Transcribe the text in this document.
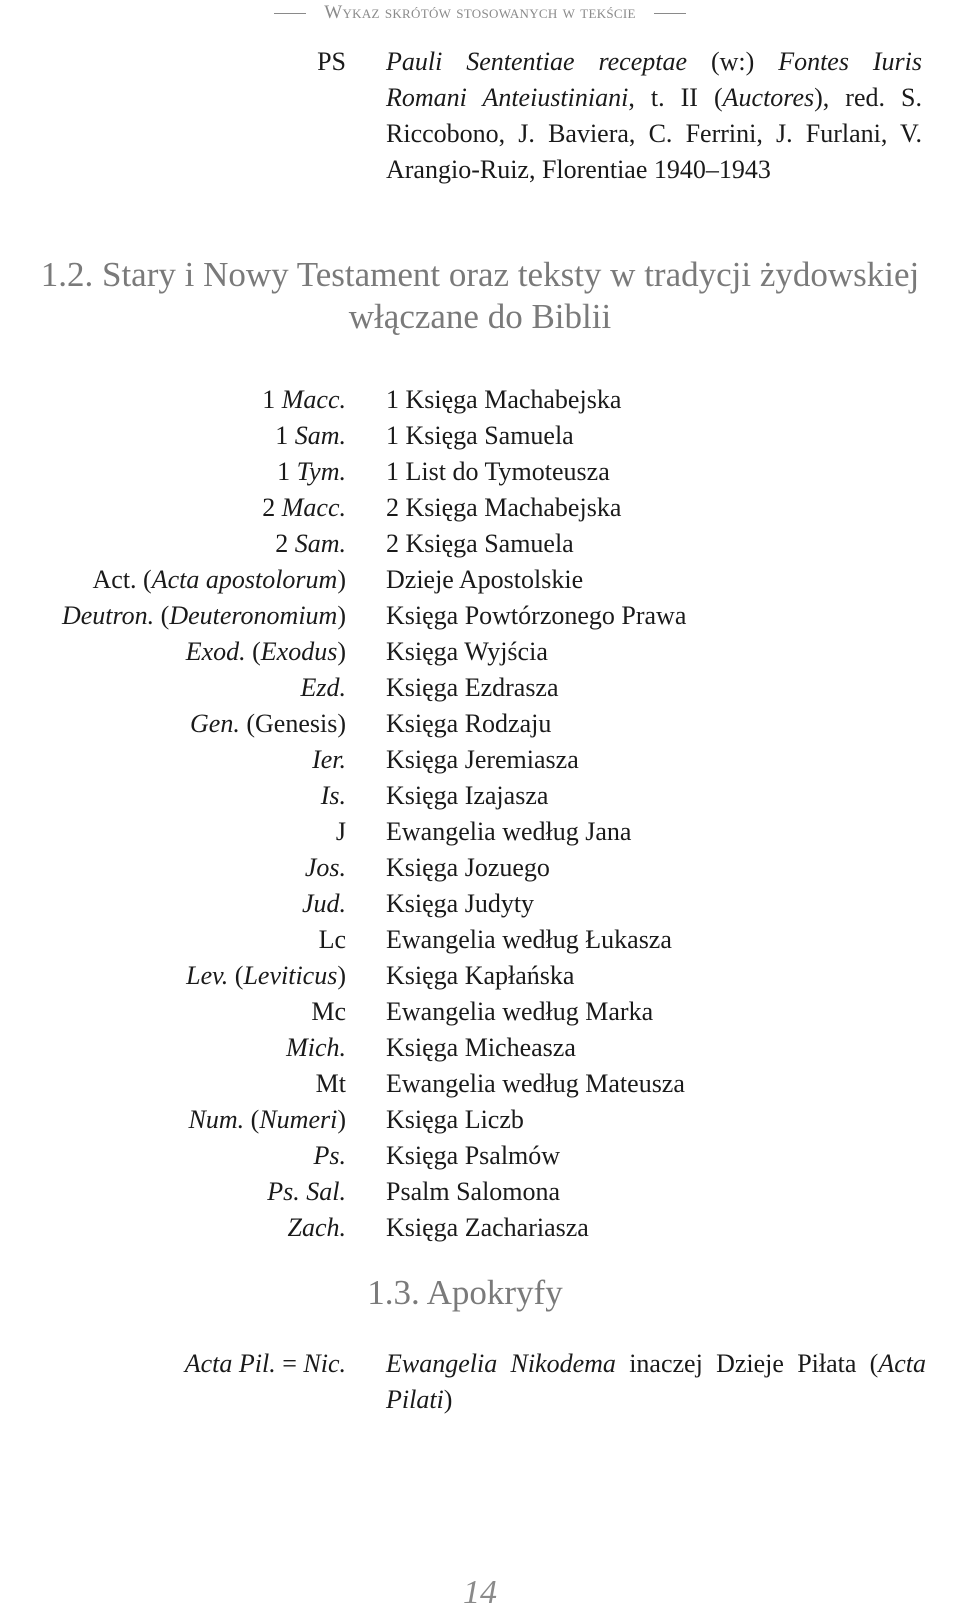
Wykaz skrótów stosowanych w tekście
PS Pauli Sententiae receptae (w:) Fontes Iuris Romani Anteiustiniani, t. II (Auctores), red. S. Riccobono, J. Baviera, C. Ferrini, J. Furlani, V. Arangio-Ruiz, Florentiae 1940–1943
1.2. Stary i Nowy Testament oraz teksty w tradycji żydowskiej
włączane do Biblii
1 Macc. 1 Księga Machabejska
1 Sam. 1 Księga Samuela
1 Tym. 1 List do Tymoteusza
2 Macc. 2 Księga Machabejska
2 Sam. 2 Księga Samuela
Act. (Acta apostolorum) Dzieje Apostolskie
Deutron. (Deuteronomium) Księga Powtórzonego Prawa
Exod. (Exodus) Księga Wyjścia
Ezd. Księga Ezdrasza
Gen. (Genesis) Księga Rodzaju
Ier. Księga Jeremiasza
Is. Księga Izajasza
J Ewangelia według Jana
Jos. Księga Jozuego
Jud. Księga Judyty
Lc Ewangelia według Łukasza
Lev. (Leviticus) Księga Kapłańska
Mc Ewangelia według Marka
Mich. Księga Micheasza
Mt Ewangelia według Mateusza
Num. (Numeri) Księga Liczb
Ps. Księga Psalmów
Ps. Sal. Psalm Salomona
Zach. Księga Zachariasza
1.3. Apokryfy
Acta Pil. = Nic. Ewangelia Nikodema inaczej Dzieje Piłata (Acta Pilati)
14
